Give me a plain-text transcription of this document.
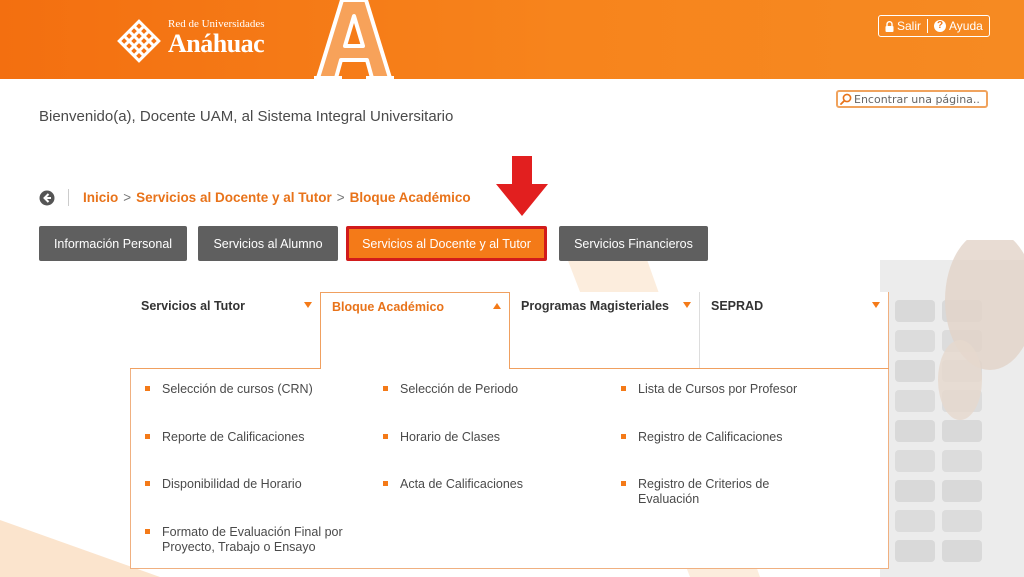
Red de Universidades
Anáhuac
Salir ? Ayuda
Encontrar una página..
Bienvenido(a), Docente UAM, al Sistema Integral Universitario
Inicio > Servicios al Docente y al Tutor > Bloque Académico
Información Personal	Servicios al Alumno	Servicios al Docente y al Tutor	Servicios Financieros
Servicios al Tutor	Bloque Académico	Programas Magisteriales	SEPRAD
Selección de cursos (CRN)
Reporte de Calificaciones
Disponibilidad de Horario
Formato de Evaluación Final por Proyecto, Trabajo o Ensayo
Selección de Periodo
Horario de Clases
Acta de Calificaciones
Lista de Cursos por Profesor
Registro de Calificaciones
Registro de Criterios de Evaluación
